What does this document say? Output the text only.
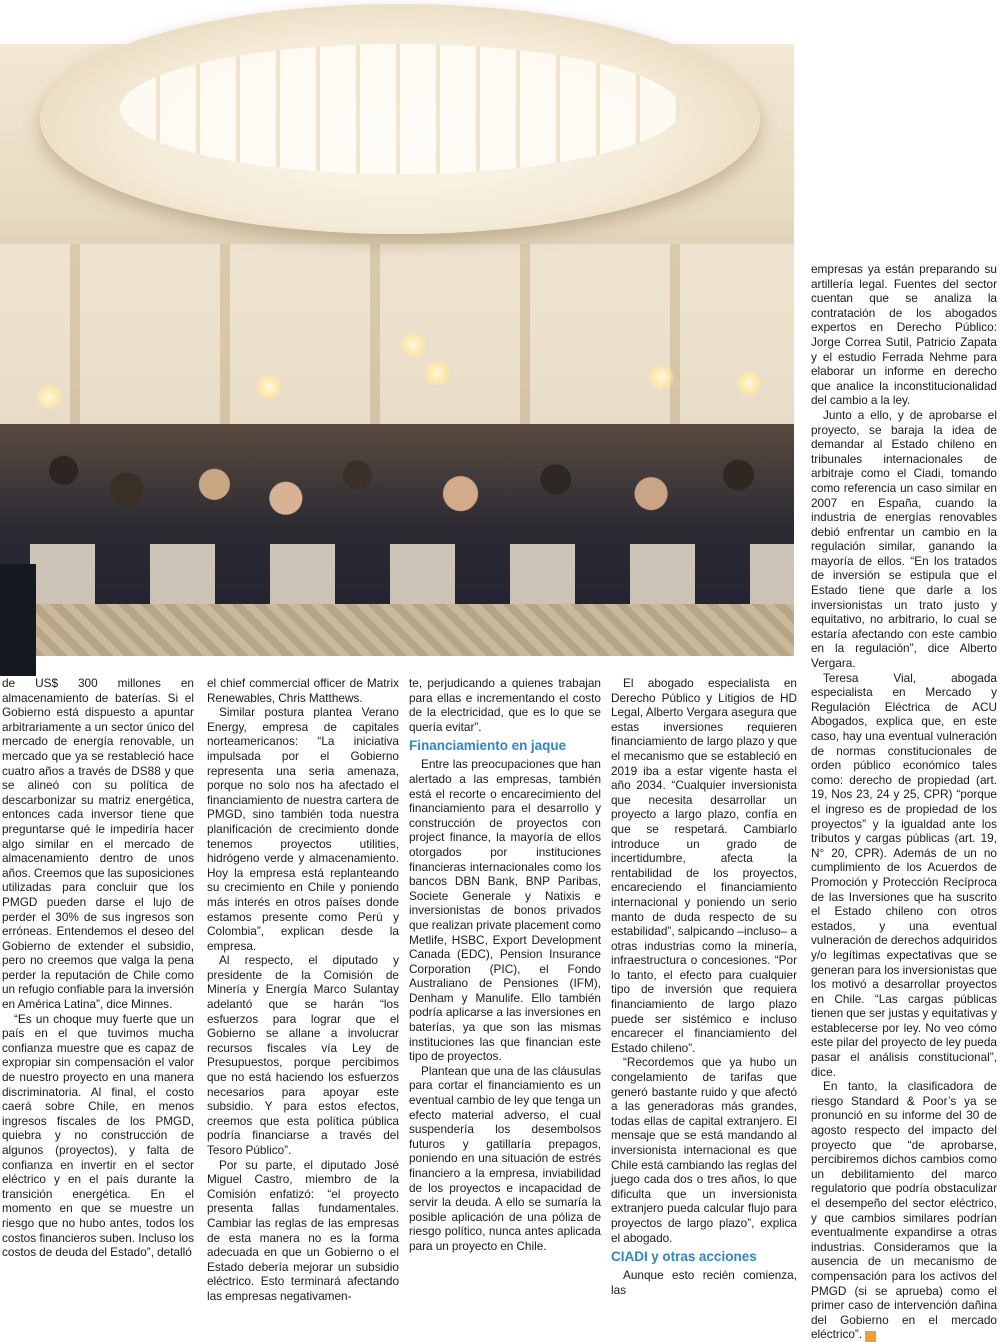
empresas ya están preparando su artillería legal. Fuentes del sector cuentan que se analiza la contratación de los abogados expertos en Derecho Público: Jorge Correa Sutil, Patricio Zapata y el estudio Ferrada Nehme para elaborar un informe en derecho que analice la inconstitucionalidad del cambio a la ley.

Junto a ello, y de aprobarse el proyecto, se baraja la idea de demandar al Estado chileno en tribunales internacionales de arbitraje como el Ciadi, tomando como referencia un caso similar en 2007 en España, cuando la industria de energías renovables debió enfrentar un cambio en la regulación similar, ganando la mayoría de ellos. “En los tratados de inversión se estipula que el Estado tiene que darle a los inversionistas un trato justo y equitativo, no arbitrario, lo cual se estaría afectando con este cambio en la regulación”, dice Alberto Vergara.

Teresa Vial, abogada especialista en Mercado y Regulación Eléctrica de ACU Abogados, explica que, en este caso, hay una eventual vulneración de normas constitucionales de orden público económico tales como: derecho de propiedad (art. 19, Nos 23, 24 y 25, CPR) “porque el ingreso es de propiedad de los proyectos” y la igualdad ante los tributos y cargas públicas (art. 19, N° 20, CPR). Además de un no cumplimiento de los Acuerdos de Promoción y Protección Recíproca de las Inversiones que ha suscrito el Estado chileno con otros estados, y una eventual vulneración de derechos adquiridos y/o legítimas expectativas que se generan para los inversionistas que los motivó a desarrollar proyectos en Chile. “Las cargas públicas tienen que ser justas y equitativas y establecerse por ley. No veo cómo este pilar del proyecto de ley pueda pasar el análisis constitucional”, dice.

En tanto, la clasificadora de riesgo Standard & Poor’s ya se pronunció en su informe del 30 de agosto respecto del impacto del proyecto que “de aprobarse, percibiremos dichos cambios como un debilitamiento del marco regulatorio que podría obstaculizar el desempeño del sector eléctrico, y que cambios similares podrían eventualmente expandirse a otras industrias. Consideramos que la ausencia de un mecanismo de compensación para los activos del PMGD (si se aprueba) como el primer caso de intervención dañina del Gobierno en el mercado eléctrico”. S

de US$ 300 millones en almacenamiento de baterías. Si el Gobierno está dispuesto a apuntar arbitrariamente a un sector único del mercado de energía renovable, un mercado que ya se restableció hace cuatro años a través de DS88 y que se alineó con su política de descarbonizar su matriz energética, entonces cada inversor tiene que preguntarse qué le impediría hacer algo similar en el mercado de almacenamiento dentro de unos años. Creemos que las suposiciones utilizadas para concluir que los PMGD pueden darse el lujo de perder el 30% de sus ingresos son erróneas. Entendemos el deseo del Gobierno de extender el subsidio, pero no creemos que valga la pena perder la reputación de Chile como un refugio confiable para la inversión en América Latina”, dice Minnes.

“Es un choque muy fuerte que un país en el que tuvimos mucha confianza muestre que es capaz de expropiar sin compensación el valor de nuestro proyecto en una manera discriminatoria. Al final, el costo caerá sobre Chile, en menos ingresos fiscales de los PMGD, quiebra y no construcción de algunos (proyectos), y falta de confianza en invertir en el sector eléctrico y en el país durante la transición energética. En el momento en que se muestre un riesgo que no hubo antes, todos los costos financieros suben. Incluso los costos de deuda del Estado”, detalló

el chief commercial officer de Matrix Renewables, Chris Matthews.

Similar postura plantea Verano Energy, empresa de capitales norteamericanos: “La iniciativa impulsada por el Gobierno representa una seria amenaza, porque no solo nos ha afectado el financiamiento de nuestra cartera de PMGD, sino también toda nuestra planificación de crecimiento donde tenemos proyectos utilities, hidrógeno verde y almacenamiento. Hoy la empresa está replanteando su crecimiento en Chile y poniendo más interés en otros países donde estamos presente como Perú y Colombia”, explican desde la empresa.

Al respecto, el diputado y presidente de la Comisión de Minería y Energía Marco Sulantay adelantó que se harán “los esfuerzos para lograr que el Gobierno se allane a involucrar recursos fiscales vía Ley de Presupuestos, porque percibimos que no está haciendo los esfuerzos necesarios para apoyar este subsidio. Y para estos efectos, creemos que esta política pública podría financiarse a través del Tesoro Público”.

Por su parte, el diputado José Miguel Castro, miembro de la Comisión enfatizó: “el proyecto presenta fallas fundamentales. Cambiar las reglas de las empresas de esta manera no es la forma adecuada en que un Gobierno o el Estado debería mejorar un subsidio eléctrico. Esto terminará afectando las empresas negativamen-

te, perjudicando a quienes trabajan para ellas e incrementando el costo de la electricidad, que es lo que se quería evitar”.

Financiamiento en jaque

Entre las preocupaciones que han alertado a las empresas, también está el recorte o encarecimiento del financiamiento para el desarrollo y construcción de proyectos con project finance, la mayoría de ellos otorgados por instituciones financieras internacionales como los bancos DBN Bank, BNP Paribas, Societe Generale y Natixis e inversionistas de bonos privados que realizan private placement como Metlife, HSBC, Export Development Canada (EDC), Pension Insurance Corporation (PIC), el Fondo Australiano de Pensiones (IFM), Denham y Manulife. Ello también podría aplicarse a las inversiones en baterías, ya que son las mismas instituciones las que financian este tipo de proyectos.

Plantean que una de las cláusulas para cortar el financiamiento es un eventual cambio de ley que tenga un efecto material adverso, el cual suspendería los desembolsos futuros y gatillaría prepagos, poniendo en una situación de estrés financiero a la empresa, inviabilidad de los proyectos e incapacidad de servir la deuda. A ello se sumaría la posible aplicación de una póliza de riesgo político, nunca antes aplicada para un proyecto en Chile.

El abogado especialista en Derecho Público y Litigios de HD Legal, Alberto Vergara asegura que estas inversiones requieren financiamiento de largo plazo y que el mecanismo que se estableció en 2019 iba a estar vigente hasta el año 2034. “Cualquier inversionista que necesita desarrollar un proyecto a largo plazo, confía en que se respetará. Cambiarlo introduce un grado de incertidumbre, afecta la rentabilidad de los proyectos, encareciendo el financiamiento internacional y poniendo un serio manto de duda respecto de su estabilidad”, salpicando –incluso– a otras industrias como la minería, infraestructura o concesiones. “Por lo tanto, el efecto para cualquier tipo de inversión que requiera financiamiento de largo plazo puede ser sistémico e incluso encarecer el financiamiento del Estado chileno”.

“Recordemos que ya hubo un congelamiento de tarifas que generó bastante ruido y que afectó a las generadoras más grandes, todas ellas de capital extranjero. El mensaje que se está mandando al inversionista internacional es que Chile está cambiando las reglas del juego cada dos o tres años, lo que dificulta que un inversionista extranjero pueda calcular flujo para proyectos de largo plazo”, explica el abogado.

CIADI y otras acciones

Aunque esto recién comienza, las
